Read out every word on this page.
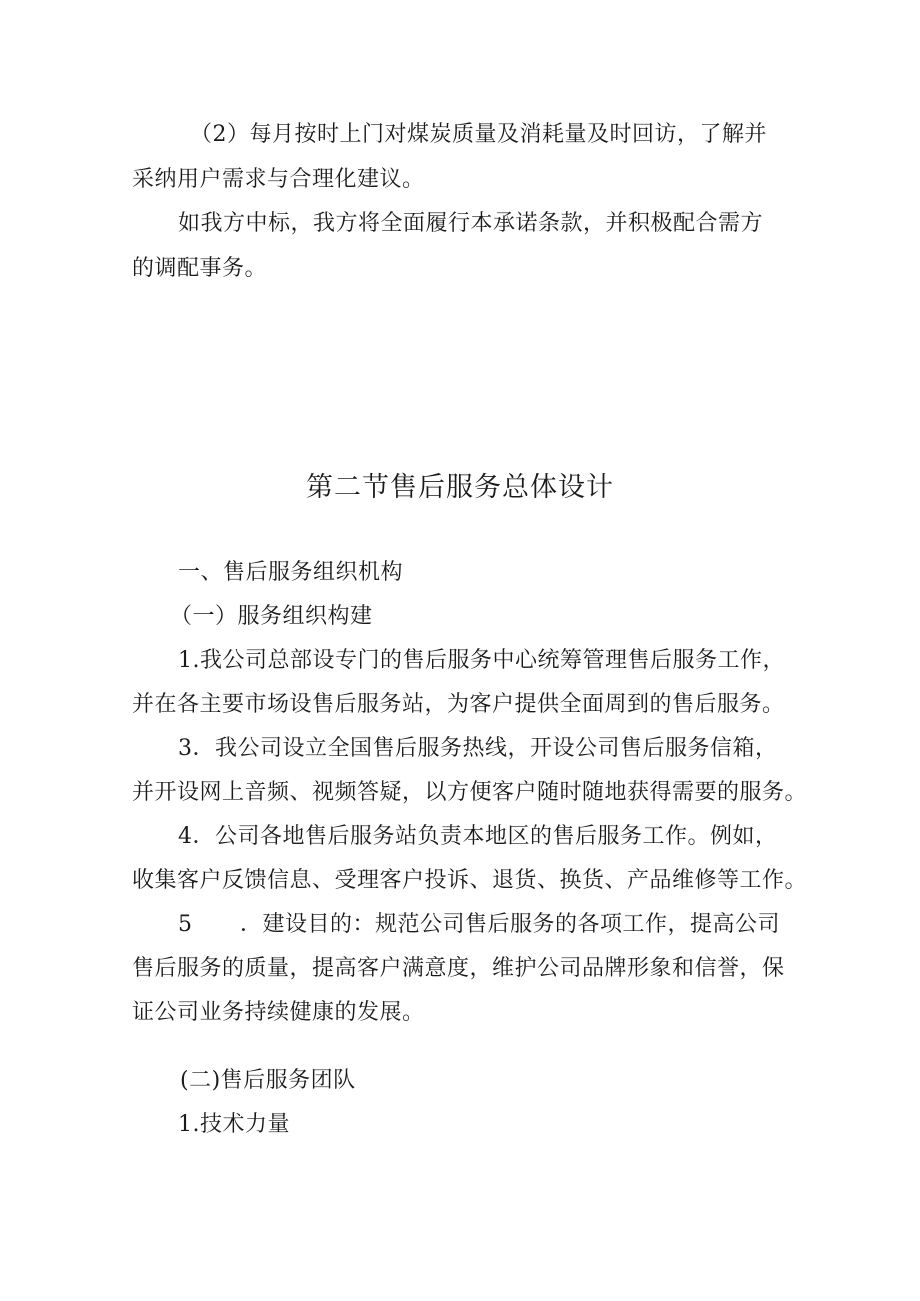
（2）每月按时上门对煤炭质量及消耗量及时回访，了解并
采纳用户需求与合理化建议。
如我方中标，我方将全面履行本承诺条款，并积极配合需方
的调配事务。
第二节售后服务总体设计
一、售后服务组织机构
（一）服务组织构建
1.我公司总部设专门的售后服务中心统筹管理售后服务工作，
并在各主要市场设售后服务站，为客户提供全面周到的售后服务。
3．我公司设立全国售后服务热线，开设公司售后服务信箱，
并开设网上音频、视频答疑，以方便客户随时随地获得需要的服务。
4．公司各地售后服务站负责本地区的售后服务工作。例如，
收集客户反馈信息、受理客户投诉、退货、换货、产品维修等工作。
5 ．建设目的：规范公司售后服务的各项工作，提高公司
售后服务的质量，提高客户满意度，维护公司品牌形象和信誉，保
证公司业务持续健康的发展。
(二)售后服务团队
1.技术力量
